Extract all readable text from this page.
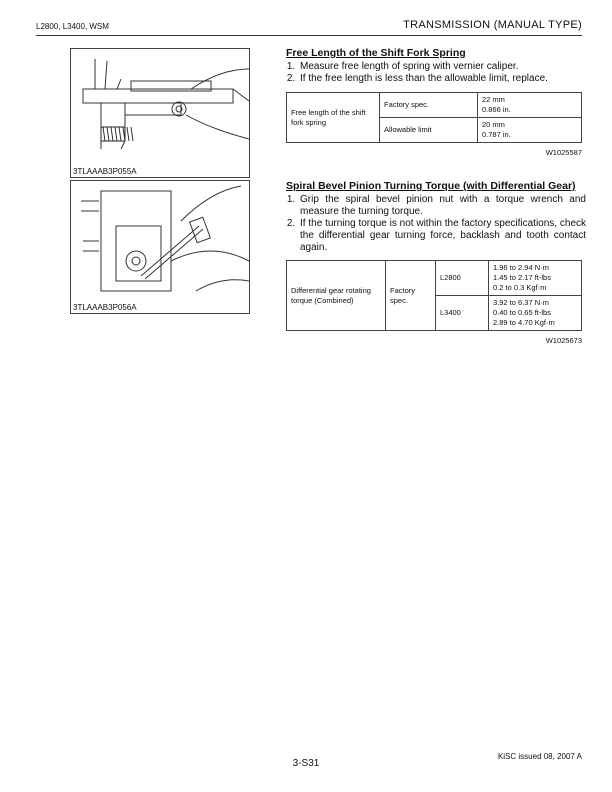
L2800, L3400, WSM	TRANSMISSION (MANUAL TYPE)
3TLAAAB3P055A
3TLAAAB3P056A
Free Length of the Shift Fork Spring
1. Measure free length of spring with vernier caliper.
2. If the free length is less than the allowable limit, replace.
Free length of the shift fork spring	Factory spec.	22 mm
0.866 in.

	Allowable limit	20 mm
0.787 in.
W1025587
Spiral Bevel Pinion Turning Torque (with Differential Gear)
1. Grip the spiral bevel pinion nut with a torque wrench and measure the turning torque.
2. If the turning torque is not within the factory specifications, check the differential gear turning force, backlash and tooth contact again.
Differential gear rotating torque (Combined)	Factory spec.	L2800	1.96 to 2.94 N·m
1.45 to 2.17 ft-lbs
0.2 to 0.3 Kgf·m

		L3400	3.92 to 6.37 N·m
0.40 to 0.65 ft-lbs
2.89 to 4.70 Kgf·m
W1025673
3-S31
KiSC issued 08, 2007 A
